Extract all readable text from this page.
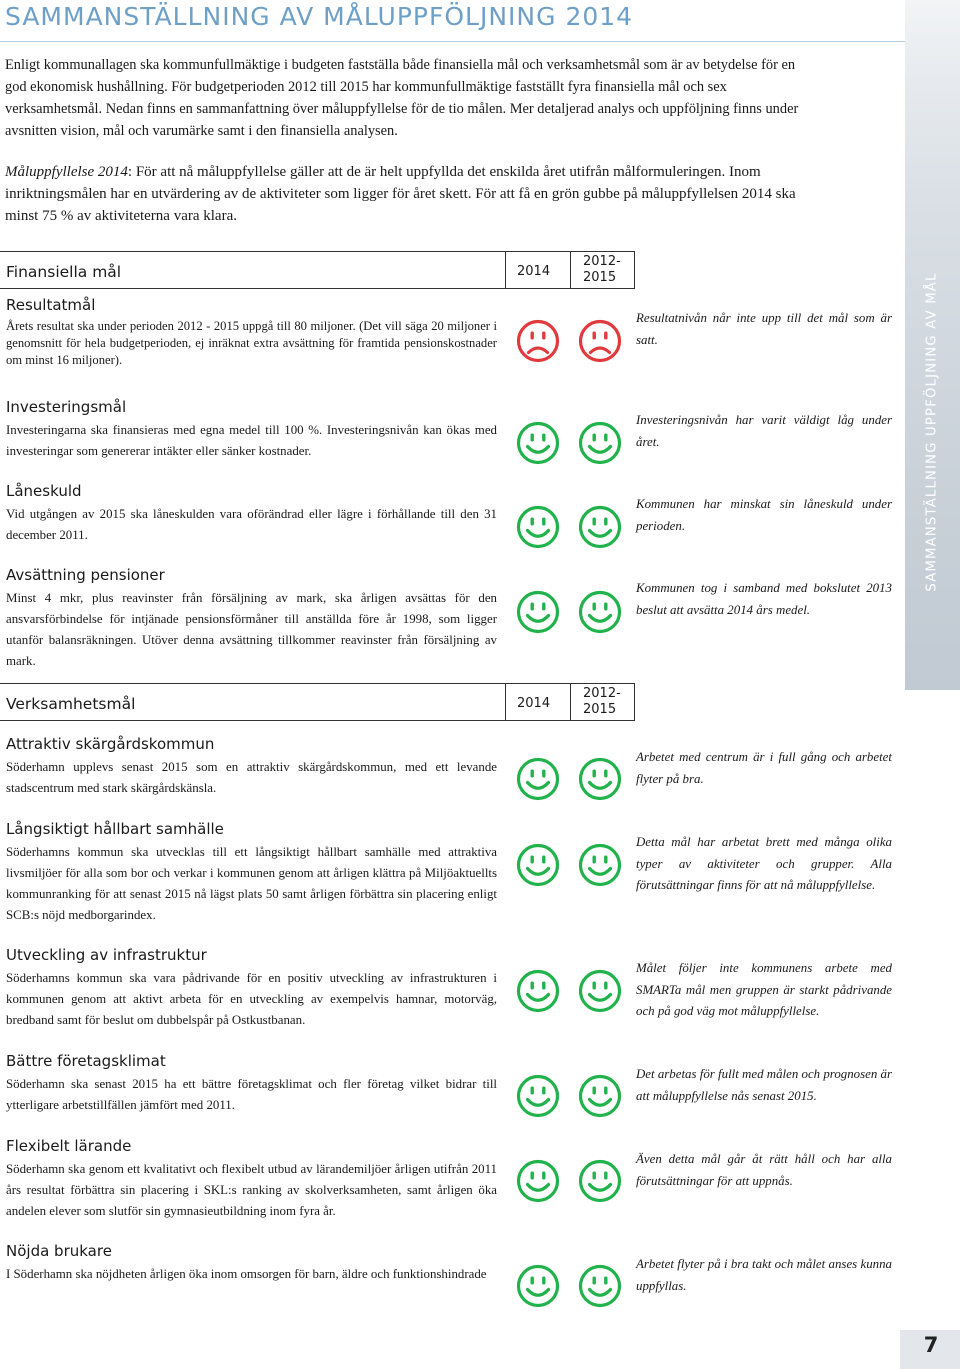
SAMMANSTÄLLNING AV MÅLUPPFÖLJNING 2014

Enligt kommunallagen ska kommunfullmäktige i budgeten fastställa både finansiella mål och verksamhetsmål som är av betydelse för en god ekonomisk hushållning. För budgetperioden 2012 till 2015 har kommunfullmäktige fastställt fyra finansiella mål och sex verksamhetsmål. Nedan finns en sammanfattning över måluppfyllelse för de tio målen. Mer detaljerad analys och uppföljning finns under avsnitten vision, mål och varumärke samt i den finansiella analysen.

Måluppfyllelse 2014: För att nå måluppfyllelse gäller att de är helt uppfyllda det enskilda året utifrån målformuleringen. Inom inriktningsmålen har en utvärdering av de aktiviteter som ligger för året skett. För att få en grön gubbe på måluppfyllelsen 2014 ska minst 75 % av aktiviteterna vara klara.

SAMMANSTÄLLNING UPPFÖLJNING AV MÅL
Finansiella mål	2014
2012-
2015
Verksamhetsmål	2014
2012-
2015
Resultatmål

Årets resultat ska under perioden 2012 - 2015 uppgå till 80 miljoner. (Det vill säga 20 miljoner i genomsnitt för hela budgetperioden, ej inräknat extra avsättning för framtida pensionskostnader om minst 16 miljoner).

Resultatnivån når inte upp till det mål som är satt.

Investeringsmål

Investeringarna ska finansieras med egna medel till 100 %. Investeringsnivån kan ökas med investeringar som genererar intäkter eller sänker kostnader.

Investeringsnivån har varit väldigt låg under året.

Låneskuld

Vid utgången av 2015 ska låneskulden vara oförändrad eller lägre i förhållande till den 31 december 2011.

Kommunen har minskat sin låneskuld under perioden.

Avsättning pensioner

Minst 4 mkr, plus reavinster från försäljning av mark, ska årligen avsättas för den ansvarsförbindelse för intjänade pensionsförmåner till anställda före år 1998, som ligger utanför balansräkningen. Utöver denna avsättning tillkommer reavinster från försäljning av mark.

Kommunen tog i samband med bokslutet 2013 beslut att avsätta 2014 års medel.

Attraktiv skärgårdskommun

Söderhamn upplevs senast 2015 som en attraktiv skärgårdskommun, med ett levande stadscentrum med stark skärgårdskänsla.

Arbetet med centrum är i full gång och arbetet flyter på bra.

Långsiktigt hållbart samhälle

Söderhamns kommun ska utvecklas till ett långsiktigt hållbart samhälle med attraktiva livsmiljöer för alla som bor och verkar i kommunen genom att årligen klättra på Miljöaktuellts kommunranking för att senast 2015 nå lägst plats 50 samt årligen förbättra sin placering enligt SCB:s nöjd medborgarindex.

Detta mål har arbetat brett med många olika typer av aktiviteter och grupper. Alla förutsättningar finns för att nå måluppfyllelse.

Utveckling av infrastruktur

Söderhamns kommun ska vara pådrivande för en positiv utveckling av infrastrukturen i kommunen genom att aktivt arbeta för en utveckling av exempelvis hamnar, motorväg, bredband samt för beslut om dubbelspår på Ostkustbanan.

Målet följer inte kommunens arbete med SMARTa mål men gruppen är starkt pådrivande och på god väg mot måluppfyllelse.

Bättre företagsklimat

Söderhamn ska senast 2015 ha ett bättre företagsklimat och fler företag vilket bidrar till ytterligare arbetstillfällen jämfört med 2011.

Det arbetas för fullt med målen och prognosen är att måluppfyllelse nås senast 2015.

Flexibelt lärande

Söderhamn ska genom ett kvalitativt och flexibelt utbud av lärandemiljöer årligen utifrån 2011 års resultat förbättra sin placering i SKL:s ranking av skolverksamheten, samt årligen öka andelen elever som slutför sin gymnasieutbildning inom fyra år.

Även detta mål går åt rätt håll och har alla förutsättningar för att uppnås.

Nöjda brukare

I Söderhamn ska nöjdheten årligen öka inom omsorgen för barn, äldre och funktionshindrade

Arbetet flyter på i bra takt och målet anses kunna uppfyllas.

7
